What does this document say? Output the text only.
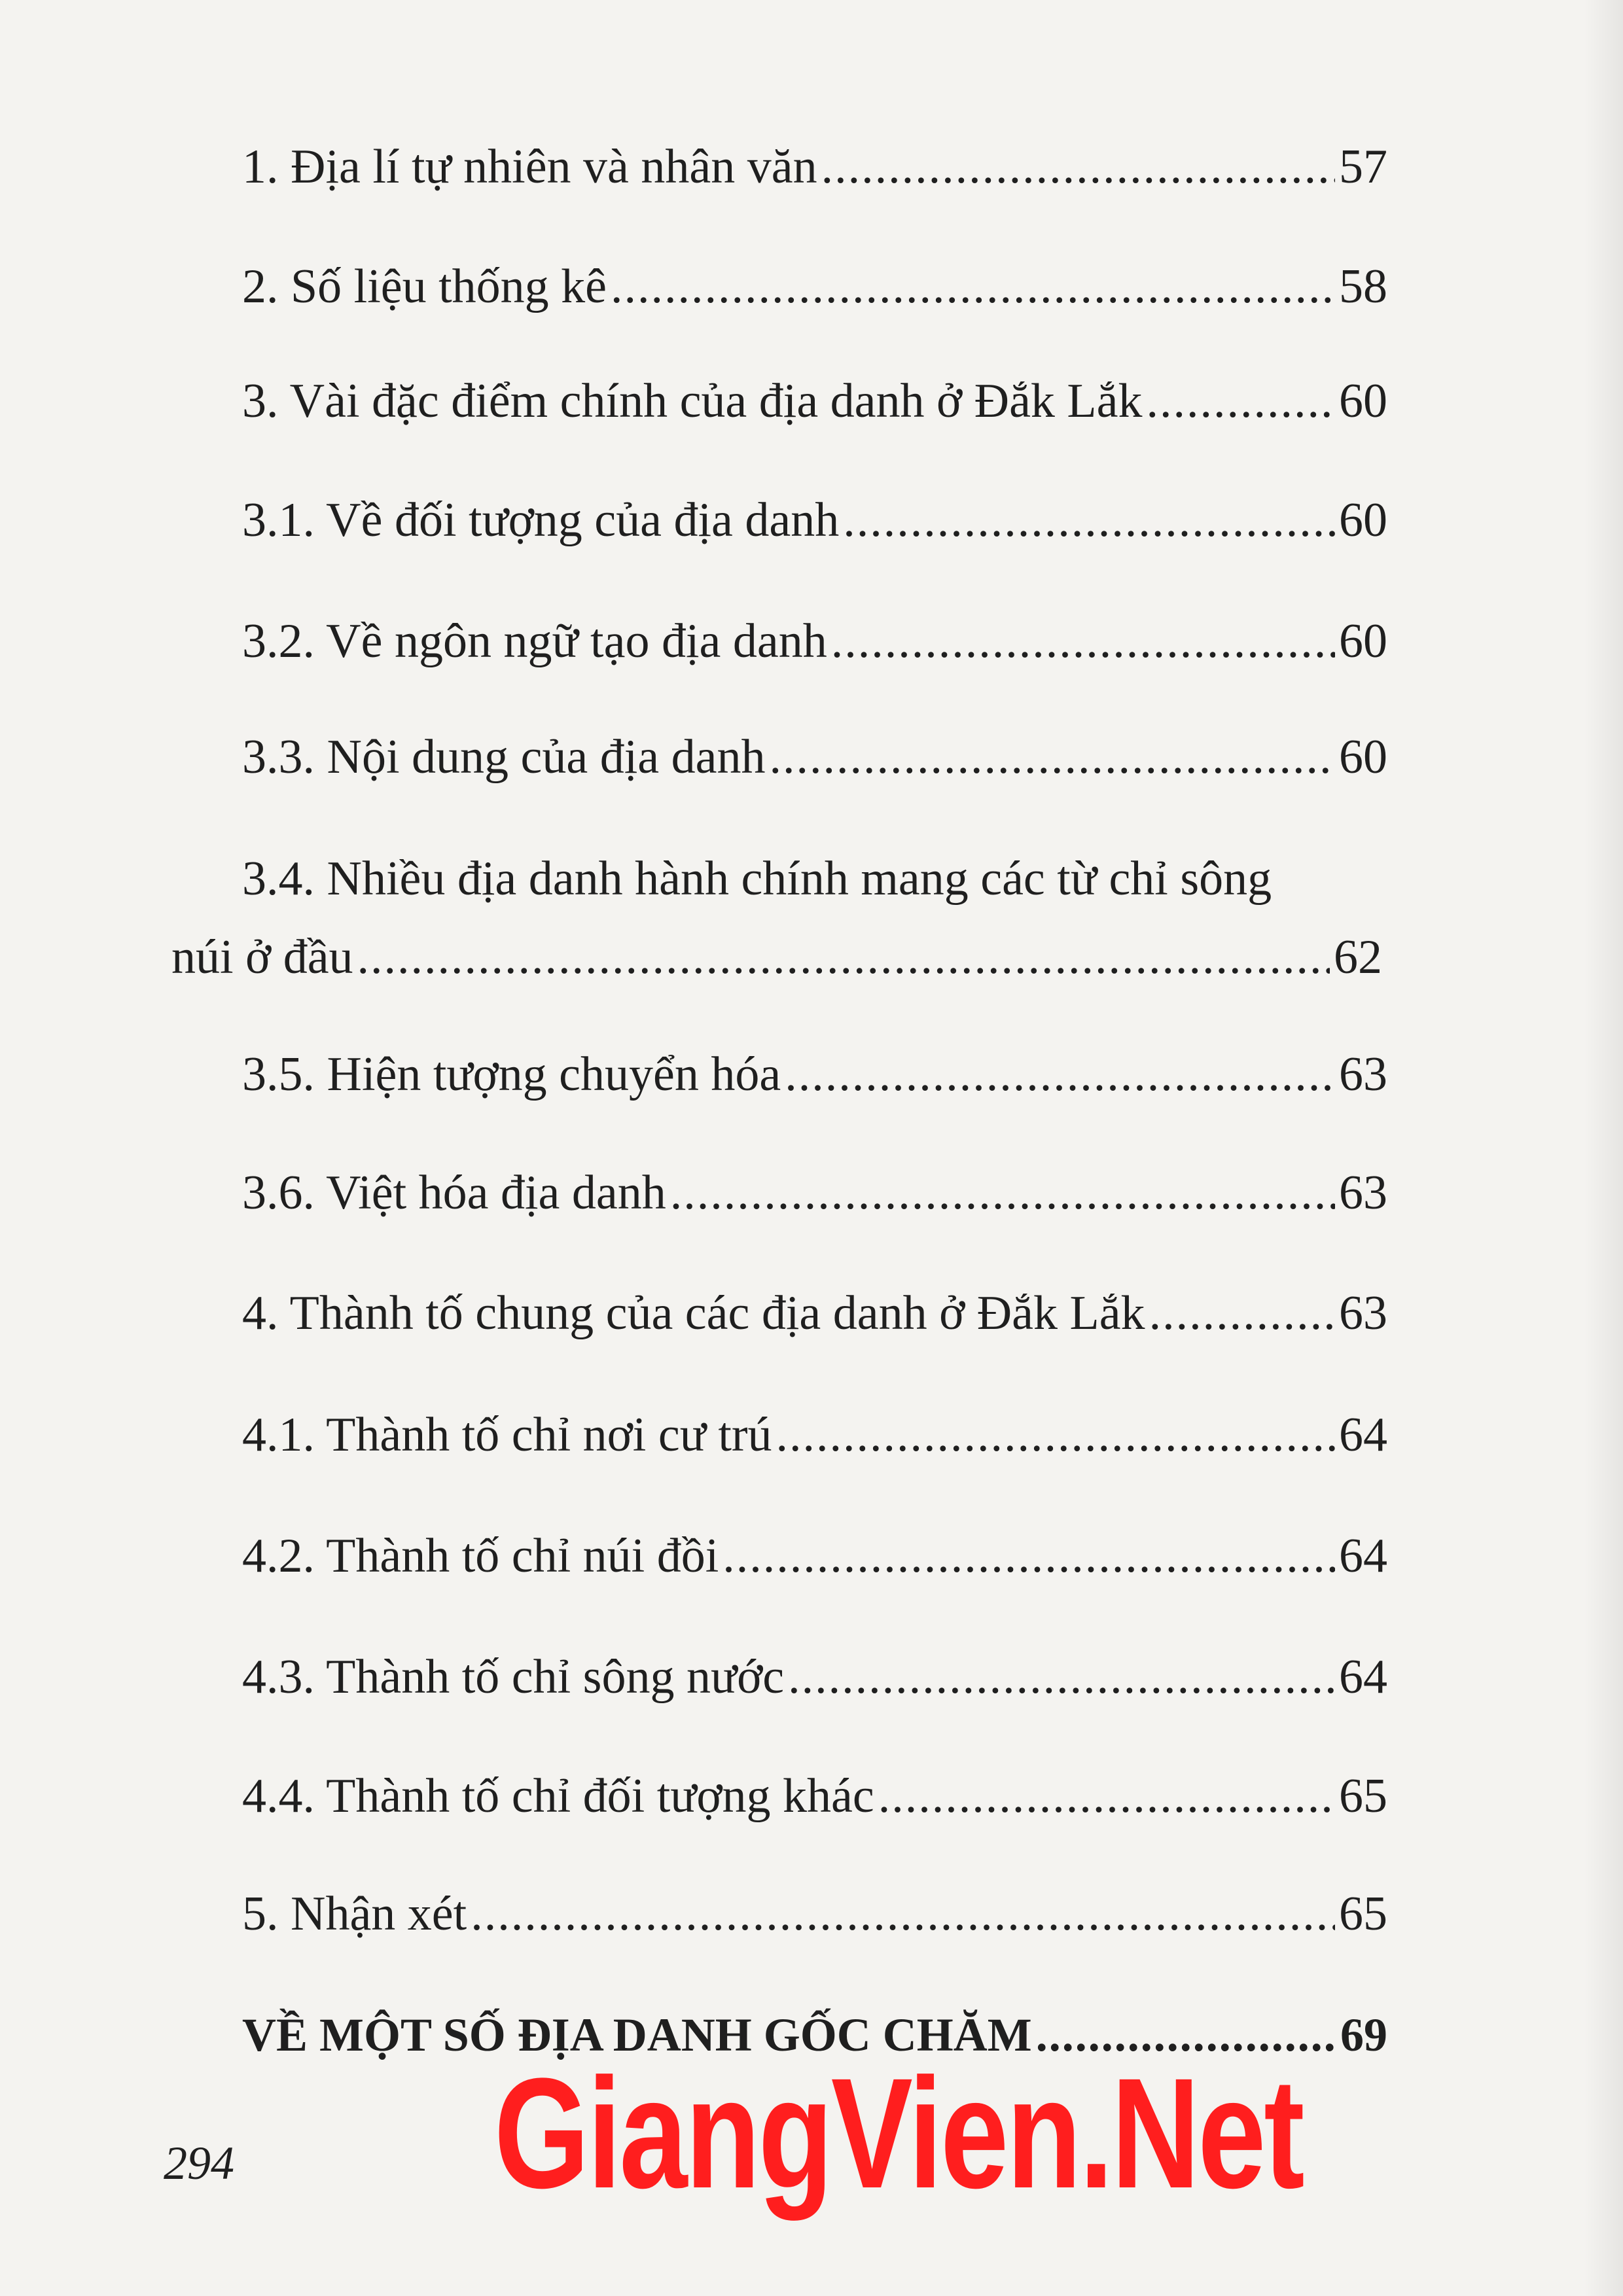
1. Địa lí tự nhiên và nhân văn .....	57
2. Số liệu thống kê .....	58
3. Vài đặc điểm chính của địa danh ở Đắk Lắk .....	60
3.1. Về đối tượng của địa danh .....	60
3.2. Về ngôn ngữ tạo địa danh .....	60
3.3. Nội dung của địa danh .....	60
3.4. Nhiều địa danh hành chính mang các từ chỉ sông
núi ở đầu .....	62
3.5. Hiện tượng chuyển hóa .....	63
3.6. Việt hóa địa danh .....	63
4. Thành tố chung của các địa danh ở Đắk Lắk .....	63
4.1. Thành tố chỉ nơi cư trú .....	64
4.2. Thành tố chỉ núi đồi .....	64
4.3. Thành tố chỉ sông nước .....	64
4.4. Thành tố chỉ đối tượng khác .....	65
5. Nhận xét .....	65
VỀ MỘT SỐ ĐỊA DANH GỐC CHĂM .....	69
294 GiangVien.Net
